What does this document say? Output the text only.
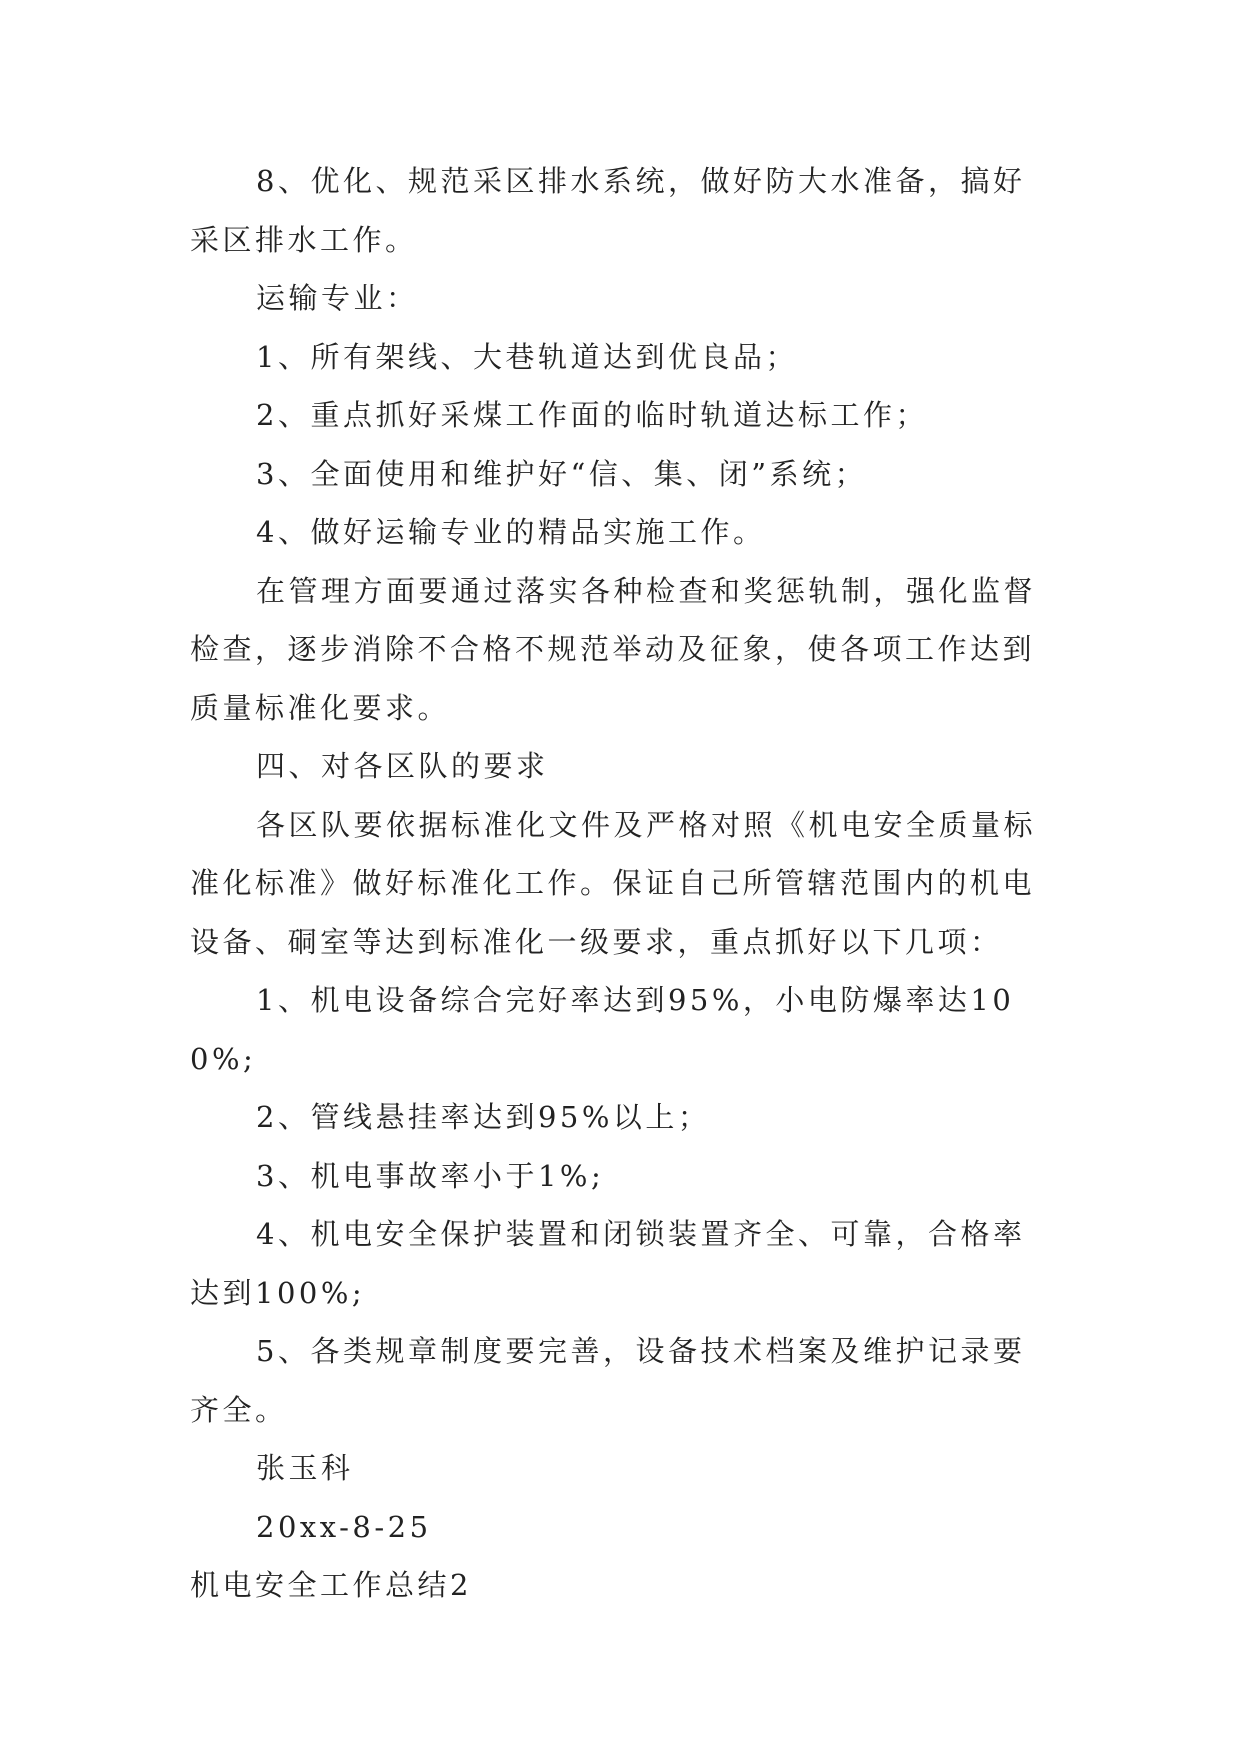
8、优化、规范采区排水系统，做好防大水准备，搞好采区排水工作。

运输专业：

1、所有架线、大巷轨道达到优良品；

2、重点抓好采煤工作面的临时轨道达标工作；

3、全面使用和维护好“信、集、闭”系统；

4、做好运输专业的精品实施工作。

在管理方面要通过落实各种检查和奖惩轨制，强化监督检查，逐步消除不合格不规范举动及征象，使各项工作达到质量标准化要求。

四、对各区队的要求

各区队要依据标准化文件及严格对照《机电安全质量标准化标准》做好标准化工作。保证自己所管辖范围内的机电设备、硐室等达到标准化一级要求，重点抓好以下几项：

1、机电设备综合完好率达到95%，小电防爆率达100%;

2、管线悬挂率达到95%以上；

3、机电事故率小于1%;

4、机电安全保护装置和闭锁装置齐全、可靠，合格率达到100%;

5、各类规章制度要完善，设备技术档案及维护记录要齐全。

张玉科

20xx-8-25

机电安全工作总结2
